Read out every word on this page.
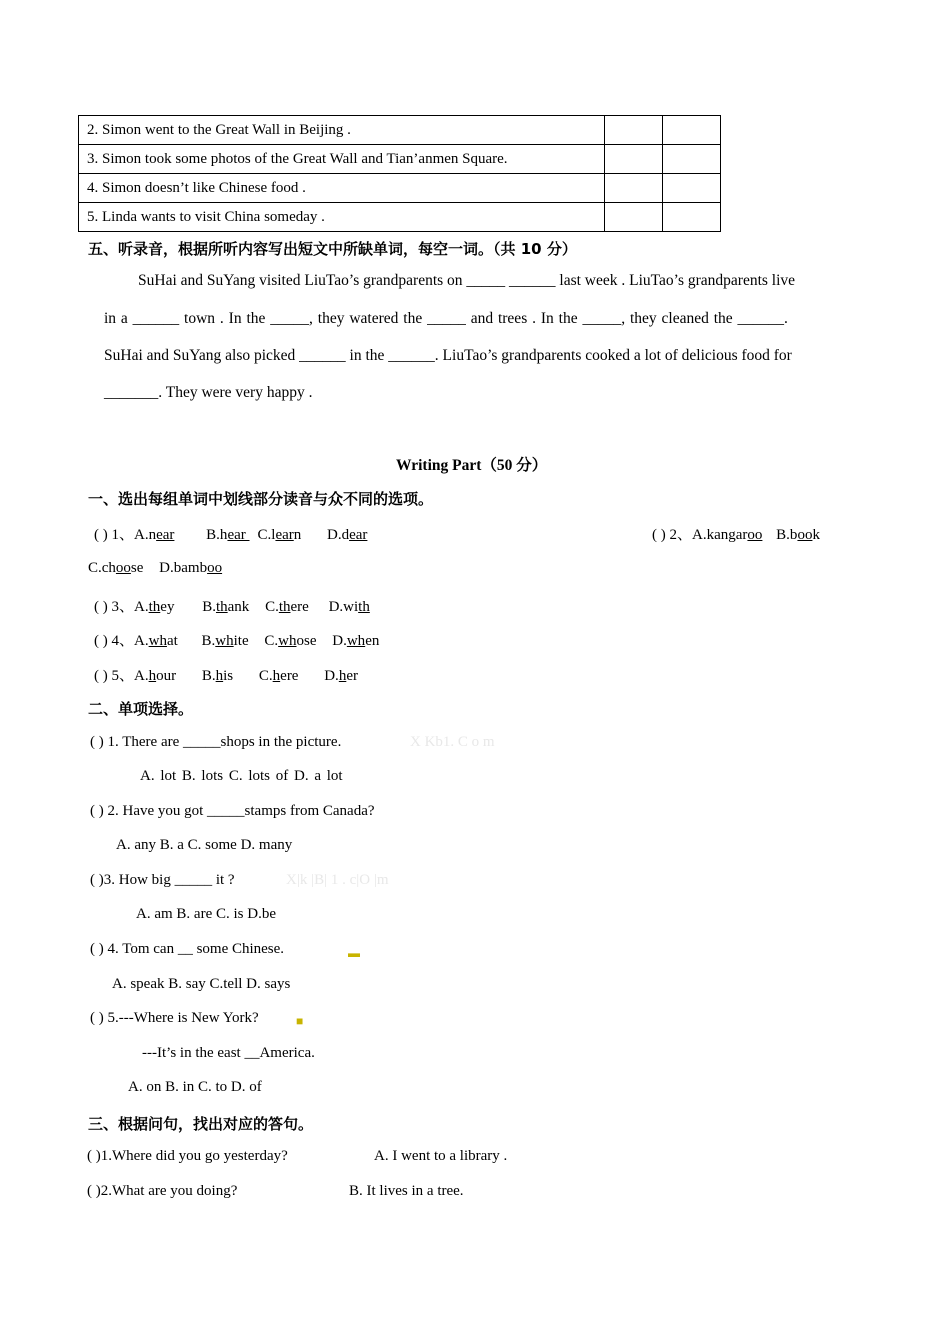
2. Simon went to the Great Wall in Beijing .		
3. Simon took some photos of the Great Wall and Tian’anmen Square.		
4. Simon doesn’t like Chinese food .		
5. Linda wants to visit China someday .		
五、听录音，根据所听内容写出短文中所缺单词，每空一词。（共 10 分）
SuHai and SuYang visited LiuTao’s grandparents on _____ ______ last week . LiuTao’s grandparents live
in a ______ town . In the _____, they watered the _____ and trees . In the _____, they cleaned the ______.
SuHai and SuYang also picked ______ in the ______. LiuTao’s grandparents cooked a lot of delicious food for
_______. They were very happy .
Writing Part（50 分）
一、选出每组单词中划线部分读音与众不同的选项。
( ) 1、A.near B.hear C.learn D.dear	( ) 2、A.kangaroo B.book
C.choose D.bamboo
( ) 3、A.they B.thank C.there D.with
( ) 4、A.what B.white C.whose D.when
( ) 5、A.hour B.his C.here D.her
二、单项选择。
( ) 1. There are _____shops in the picture.	X Kb1. C o m
A. lot B. lots C. lots of D. a lot
( ) 2. Have you got _____stamps from Canada?
A. any B. a C. some D. many
( )3. How big _____ it ?	X|k |B| 1 . c|O |m
A. am B. are C. is D.be
( ) 4. Tom can __ some Chinese.	▬
A. speak B. say C.tell D. says
( ) 5.---Where is New York?	■
---It’s in the east __America.
A. on B. in C. to D. of
三、根据问句，找出对应的答句。
( )1.Where did you go yesterday?	A. I went to a library .
( )2.What are you doing?	B. It lives in a tree.
